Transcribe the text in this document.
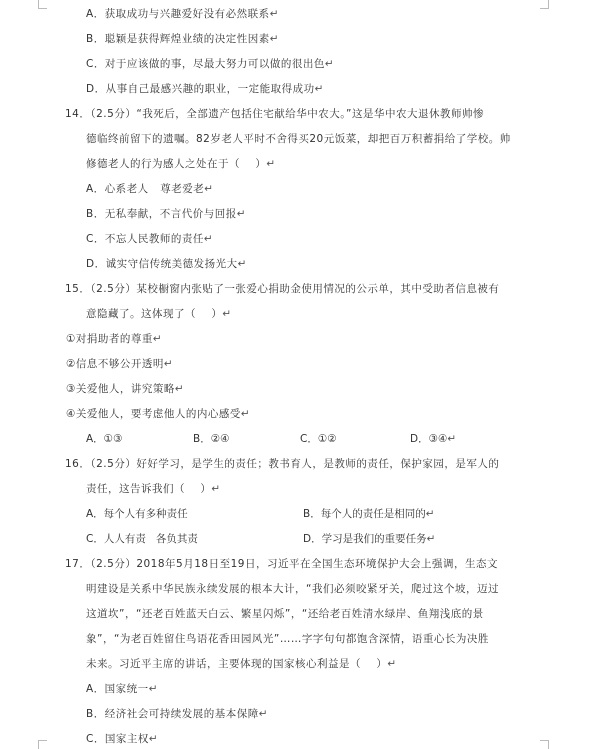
A．获取成功与兴趣爱好没有必然联系↵
B．聪颖是获得辉煌业绩的决定性因素↵
C．对于应该做的事，尽最大努力可以做的很出色↵
D．从事自己最感兴趣的职业，一定能取得成功↵
14．（2.5分）“我死后，全部遗产包括住宅献给华中农大。”这是华中农大退休教师帅惨
德临终前留下的遗嘱。82岁老人平时不舍得买20元饭菜，却把百万积蓄捐给了学校。帅
修德老人的行为感人之处在于（    ）↵
A．心系老人   尊老爱老↵
B．无私奉献，不言代价与回报↵
C．不忘人民教师的责任↵
D．诚实守信传统美德发扬光大↵
15．（2.5分）某校橱窗内张贴了一张爱心捐助金使用情况的公示单，其中受助者信息被有
意隐藏了。这体现了（    ）↵
①对捐助者的尊重↵
②信息不够公开透明↵
③关爱他人，讲究策略↵
④关爱他人，要考虑他人的内心感受↵
A．①③	B．②④	C．①②	D．③④↵
16．（2.5分）好好学习，是学生的责任；教书育人，是教师的责任，保护家园，是军人的
责任，这告诉我们（    ）↵
A．每个人有多种责任	B．每个人的责任是相同的↵
C．人人有责   各负其责	D．学习是我们的重要任务↵
17．（2.5分）2018年5月18日至19日，习近平在全国生态环境保护大会上强调，生态文
明建设是关系中华民族永续发展的根本大计，“我们必须咬紧牙关，爬过这个坡，迈过
这道坎”，“还老百姓蓝天白云、繁星闪烁”，“还给老百姓清水绿岸、鱼翔浅底的景
象”，“为老百姓留住鸟语花香田园风光”……字字句句都饱含深情，语重心长为决胜
未来。习近平主席的讲话，主要体现的国家核心利益是（    ）↵
A．国家统一↵
B．经济社会可持续发展的基本保障↵
C．国家主权↵
